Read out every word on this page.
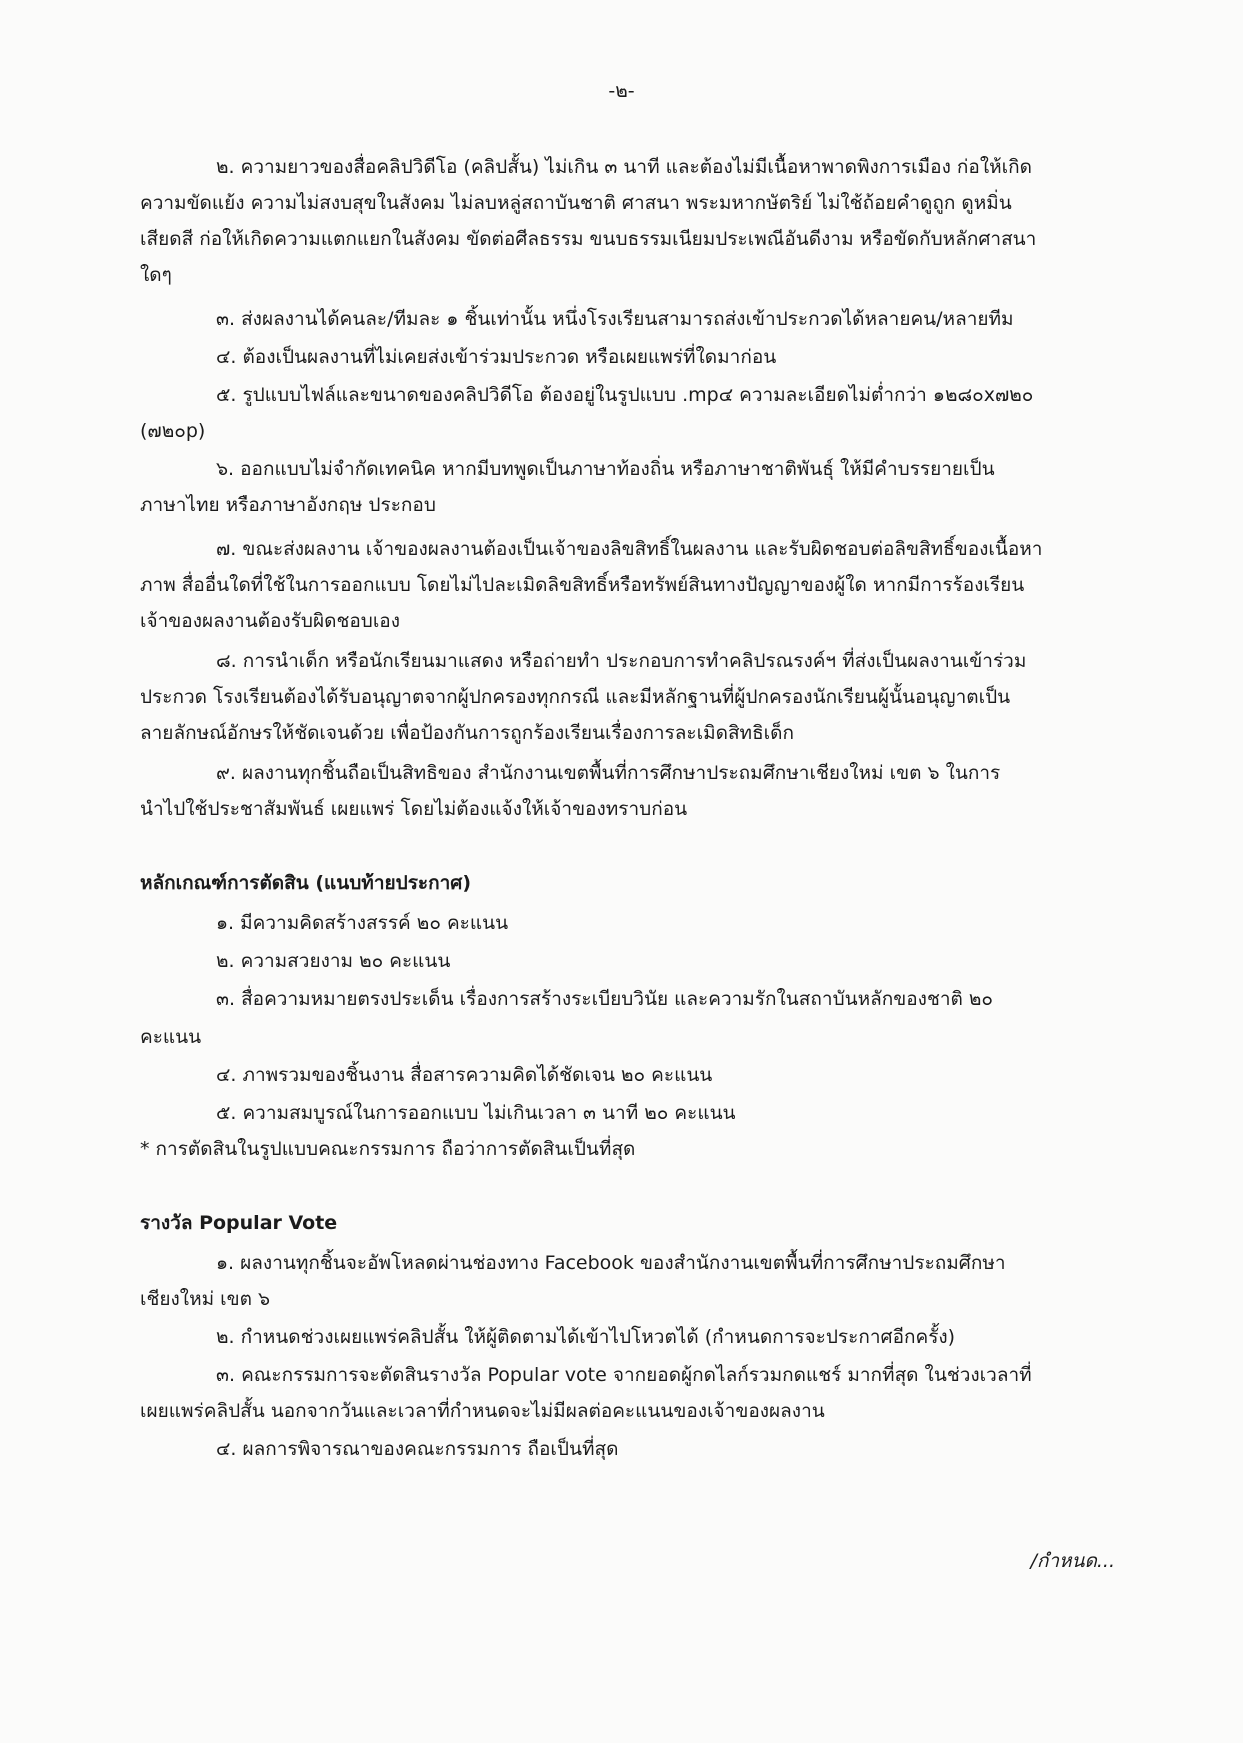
-๒-
๒. ความยาวของสื่อคลิปวิดีโอ (คลิปสั้น) ไม่เกิน ๓ นาที และต้องไม่มีเนื้อหาพาดพิงการเมือง ก่อให้เกิด
ความขัดแย้ง ความไม่สงบสุขในสังคม ไม่ลบหลู่สถาบันชาติ ศาสนา พระมหากษัตริย์ ไม่ใช้ถ้อยคำดูถูก ดูหมิ่น
เสียดสี ก่อให้เกิดความแตกแยกในสังคม ขัดต่อศีลธรรม ขนบธรรมเนียมประเพณีอันดีงาม หรือขัดกับหลักศาสนา
ใดๆ
๓. ส่งผลงานได้คนละ/ทีมละ ๑ ชิ้นเท่านั้น หนึ่งโรงเรียนสามารถส่งเข้าประกวดได้หลายคน/หลายทีม
๔. ต้องเป็นผลงานที่ไม่เคยส่งเข้าร่วมประกวด หรือเผยแพร่ที่ใดมาก่อน
๕. รูปแบบไฟล์และขนาดของคลิปวิดีโอ ต้องอยู่ในรูปแบบ .mp๔ ความละเอียดไม่ต่ำกว่า ๑๒๘๐x๗๒๐
(๗๒๐p)
๖. ออกแบบไม่จำกัดเทคนิค หากมีบทพูดเป็นภาษาท้องถิ่น หรือภาษาชาติพันธุ์ ให้มีคำบรรยายเป็น
ภาษาไทย หรือภาษาอังกฤษ ประกอบ
๗. ขณะส่งผลงาน เจ้าของผลงานต้องเป็นเจ้าของลิขสิทธิ์ในผลงาน และรับผิดชอบต่อลิขสิทธิ์ของเนื้อหา
ภาพ สื่ออื่นใดที่ใช้ในการออกแบบ โดยไม่ไปละเมิดลิขสิทธิ์หรือทรัพย์สินทางปัญญาของผู้ใด หากมีการร้องเรียน
เจ้าของผลงานต้องรับผิดชอบเอง
๘. การนำเด็ก หรือนักเรียนมาแสดง หรือถ่ายทำ ประกอบการทำคลิปรณรงค์ฯ ที่ส่งเป็นผลงานเข้าร่วม
ประกวด โรงเรียนต้องได้รับอนุญาตจากผู้ปกครองทุกกรณี และมีหลักฐานที่ผู้ปกครองนักเรียนผู้นั้นอนุญาตเป็น
ลายลักษณ์อักษรให้ชัดเจนด้วย เพื่อป้องกันการถูกร้องเรียนเรื่องการละเมิดสิทธิเด็ก
๙. ผลงานทุกชิ้นถือเป็นสิทธิของ สำนักงานเขตพื้นที่การศึกษาประถมศึกษาเชียงใหม่ เขต ๖ ในการ
นำไปใช้ประชาสัมพันธ์ เผยแพร่ โดยไม่ต้องแจ้งให้เจ้าของทราบก่อน
หลักเกณฑ์การตัดสิน (แนบท้ายประกาศ)
๑. มีความคิดสร้างสรรค์ ๒๐ คะแนน
๒. ความสวยงาม ๒๐ คะแนน
๓. สื่อความหมายตรงประเด็น เรื่องการสร้างระเบียบวินัย และความรักในสถาบันหลักของชาติ ๒๐
คะแนน
๔. ภาพรวมของชิ้นงาน สื่อสารความคิดได้ชัดเจน ๒๐ คะแนน
๕. ความสมบูรณ์ในการออกแบบ ไม่เกินเวลา ๓ นาที ๒๐ คะแนน
* การตัดสินในรูปแบบคณะกรรมการ ถือว่าการตัดสินเป็นที่สุด
รางวัล Popular Vote
๑. ผลงานทุกชิ้นจะอัพโหลดผ่านช่องทาง Facebook ของสำนักงานเขตพื้นที่การศึกษาประถมศึกษา
เชียงใหม่ เขต ๖
๒. กำหนดช่วงเผยแพร่คลิปสั้น ให้ผู้ติดตามได้เข้าไปโหวตได้ (กำหนดการจะประกาศอีกครั้ง)
๓. คณะกรรมการจะตัดสินรางวัล Popular vote จากยอดผู้กดไลก์รวมกดแชร์ มากที่สุด ในช่วงเวลาที่
เผยแพร่คลิปสั้น นอกจากวันและเวลาที่กำหนดจะไม่มีผลต่อคะแนนของเจ้าของผลงาน
๔. ผลการพิจารณาของคณะกรรมการ ถือเป็นที่สุด
/กำหนด...
